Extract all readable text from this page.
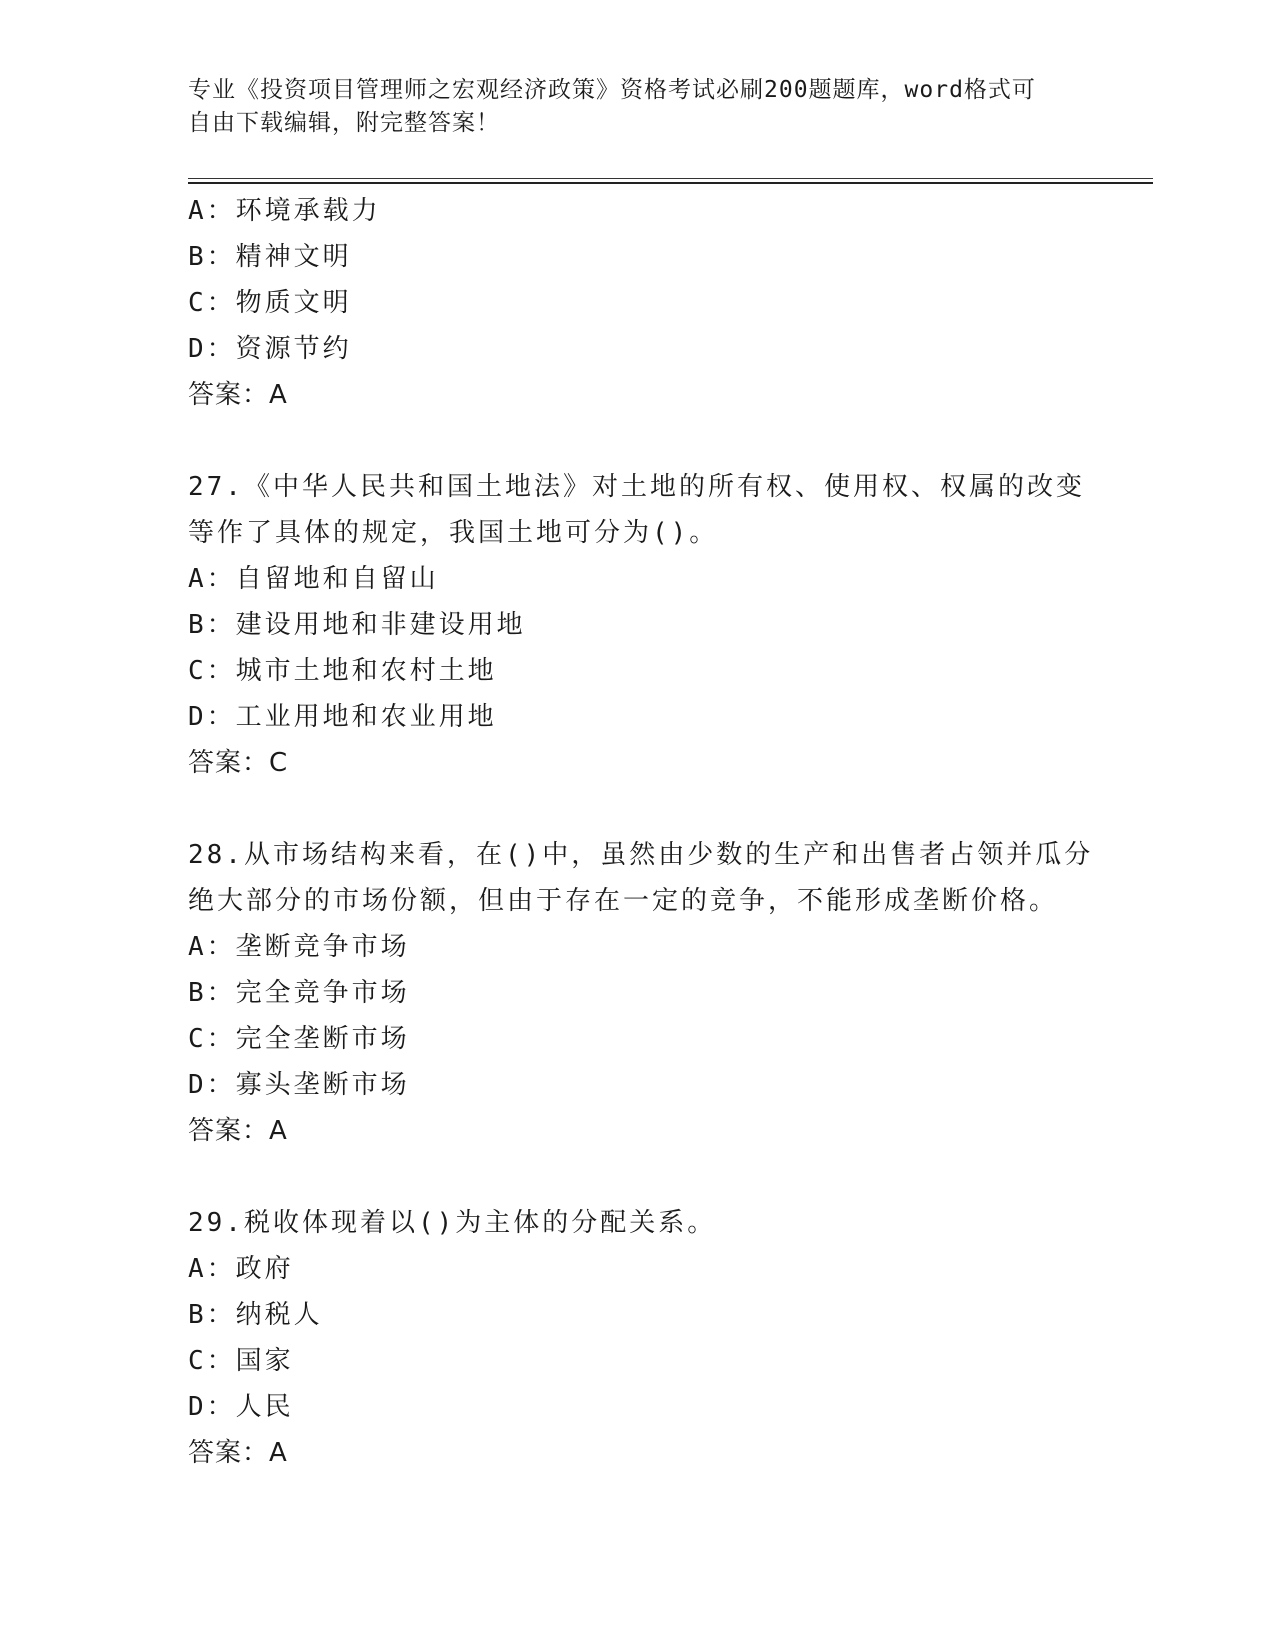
专业《投资项目管理师之宏观经济政策》资格考试必刷200题题库，word格式可
自由下载编辑，附完整答案！
A：环境承载力
B：精神文明
C：物质文明
D：资源节约
答案：A
27.《中华人民共和国土地法》对土地的所有权、使用权、权属的改变
等作了具体的规定，我国土地可分为()。
A：自留地和自留山
B：建设用地和非建设用地
C：城市土地和农村土地
D：工业用地和农业用地
答案：C
28.从市场结构来看，在()中，虽然由少数的生产和出售者占领并瓜分
绝大部分的市场份额，但由于存在一定的竞争，不能形成垄断价格。
A：垄断竞争市场
B：完全竞争市场
C：完全垄断市场
D：寡头垄断市场
答案：A
29.税收体现着以()为主体的分配关系。
A：政府
B：纳税人
C：国家
D：人民
答案：A
